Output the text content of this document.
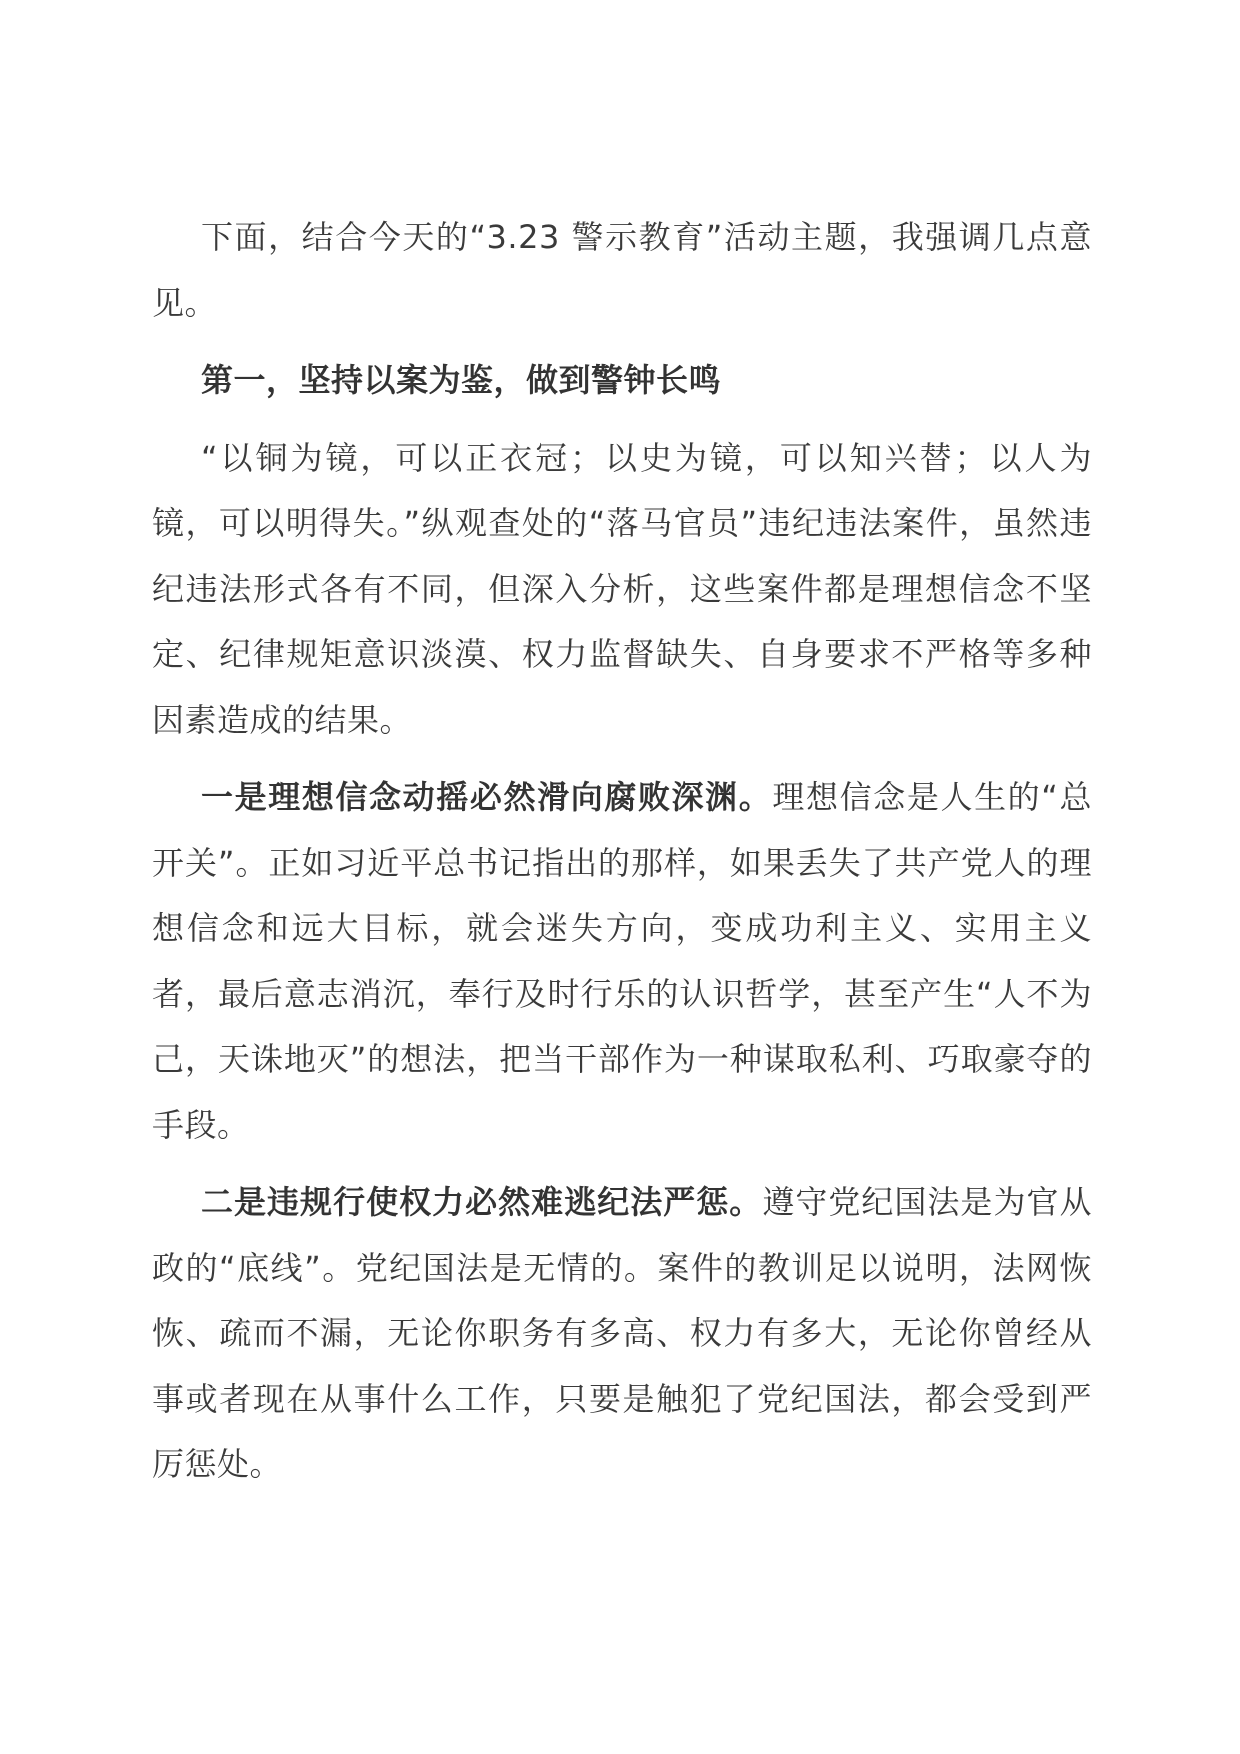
下面，结合今天的“3.23 警示教育”活动主题，我强调几点意见。

第一，坚持以案为鉴，做到警钟长鸣

“以铜为镜，可以正衣冠；以史为镜，可以知兴替；以人为镜，可以明得失。”纵观查处的“落马官员”违纪违法案件，虽然违纪违法形式各有不同，但深入分析，这些案件都是理想信念不坚定、纪律规矩意识淡漠、权力监督缺失、自身要求不严格等多种因素造成的结果。

一是理想信念动摇必然滑向腐败深渊。理想信念是人生的“总开关”。正如习近平总书记指出的那样，如果丢失了共产党人的理想信念和远大目标，就会迷失方向，变成功利主义、实用主义者，最后意志消沉，奉行及时行乐的认识哲学，甚至产生“人不为己，天诛地灭”的想法，把当干部作为一种谋取私利、巧取豪夺的手段。

二是违规行使权力必然难逃纪法严惩。遵守党纪国法是为官从政的“底线”。党纪国法是无情的。案件的教训足以说明，法网恢恢、疏而不漏，无论你职务有多高、权力有多大，无论你曾经从事或者现在从事什么工作，只要是触犯了党纪国法，都会受到严厉惩处。
